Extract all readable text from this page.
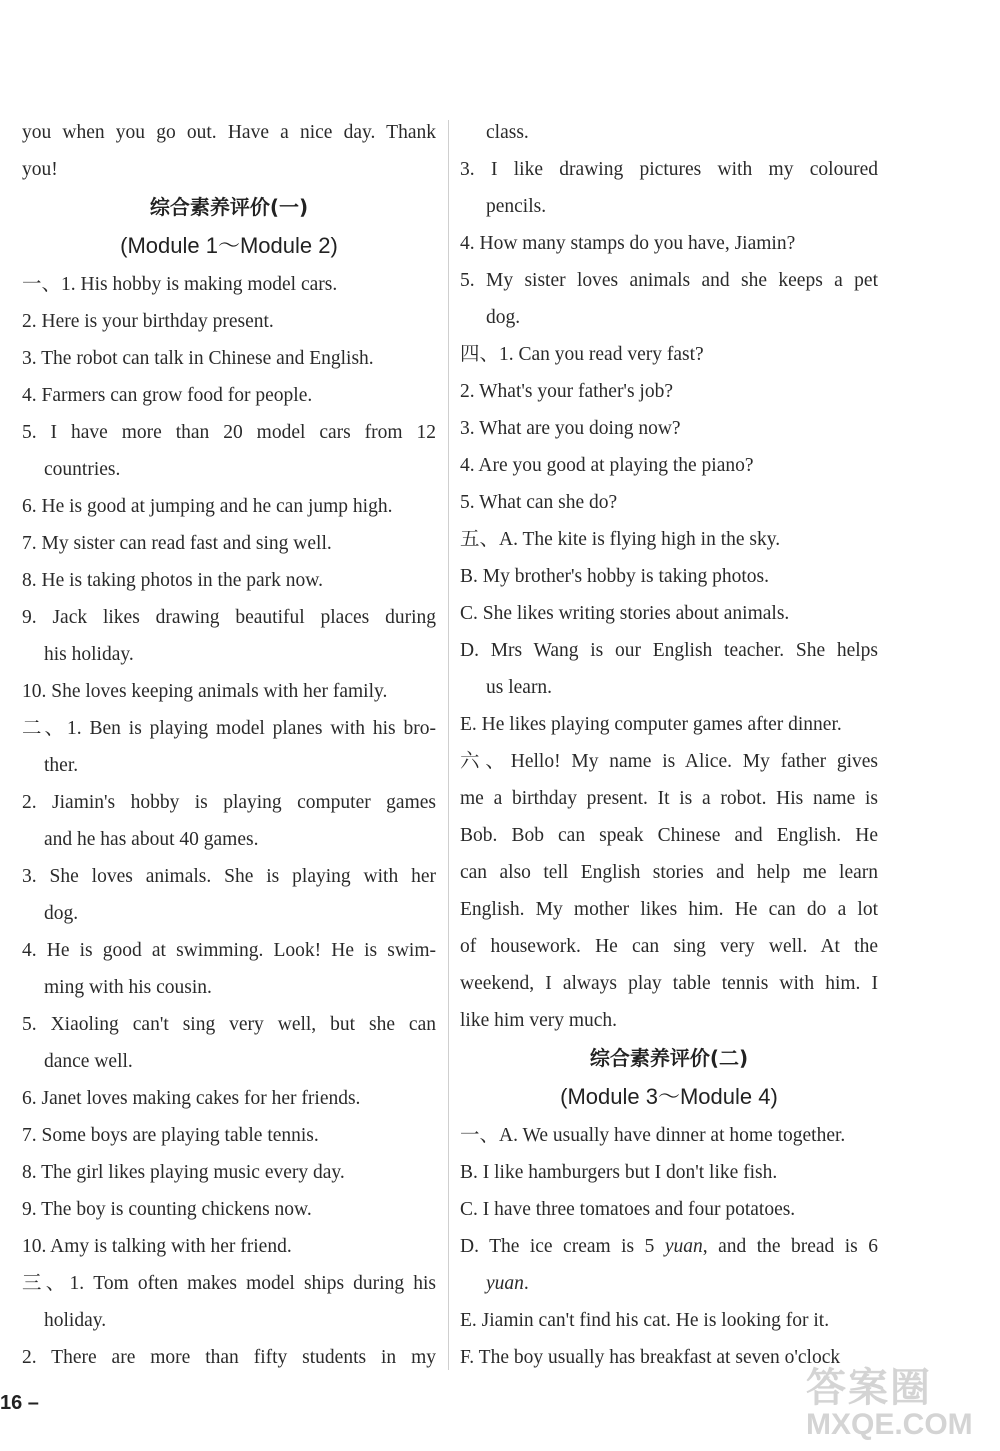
you when you go out. Have a nice day. Thank
you!
综合素养评价(一)
(Module 1～Module 2)
一、1. His hobby is making model cars.
2. Here is your birthday present.
3. The robot can talk in Chinese and English.
4. Farmers can grow food for people.
5. I have more than 20 model cars from 12
countries.
6. He is good at jumping and he can jump high.
7. My sister can read fast and sing well.
8. He is taking photos in the park now.
9. Jack likes drawing beautiful places during
his holiday.
10. She loves keeping animals with her family.
二、1. Ben is playing model planes with his bro-
ther.
2. Jiamin's hobby is playing computer games
and he has about 40 games.
3. She loves animals. She is playing with her
dog.
4. He is good at swimming. Look! He is swim-
ming with his cousin.
5. Xiaoling can't sing very well, but she can
dance well.
6. Janet loves making cakes for her friends.
7. Some boys are playing table tennis.
8. The girl likes playing music every day.
9. The boy is counting chickens now.
10. Amy is talking with her friend.
三、1. Tom often makes model ships during his
holiday.
2. There are more than fifty students in my
class.
3. I like drawing pictures with my coloured
pencils.
4. How many stamps do you have, Jiamin?
5. My sister loves animals and she keeps a pet
dog.
四、1. Can you read very fast?
2. What's your father's job?
3. What are you doing now?
4. Are you good at playing the piano?
5. What can she do?
五、A. The kite is flying high in the sky.
B. My brother's hobby is taking photos.
C. She likes writing stories about animals.
D. Mrs Wang is our English teacher. She helps
us learn.
E. He likes playing computer games after dinner.
六、Hello! My name is Alice. My father gives
me a birthday present. It is a robot. His name is
Bob. Bob can speak Chinese and English. He
can also tell English stories and help me learn
English. My mother likes him. He can do a lot
of housework. He can sing very well. At the
weekend, I always play table tennis with him. I
like him very much.
综合素养评价(二)
(Module 3～Module 4)
一、A. We usually have dinner at home together.
B. I like hamburgers but I don't like fish.
C. I have three tomatoes and four potatoes.
D. The ice cream is 5 yuan, and the bread is 6
yuan.
E. Jiamin can't find his cat. He is looking for it.
F. The boy usually has breakfast at seven o'clock
16 –	答案圈
MXQE.COM
